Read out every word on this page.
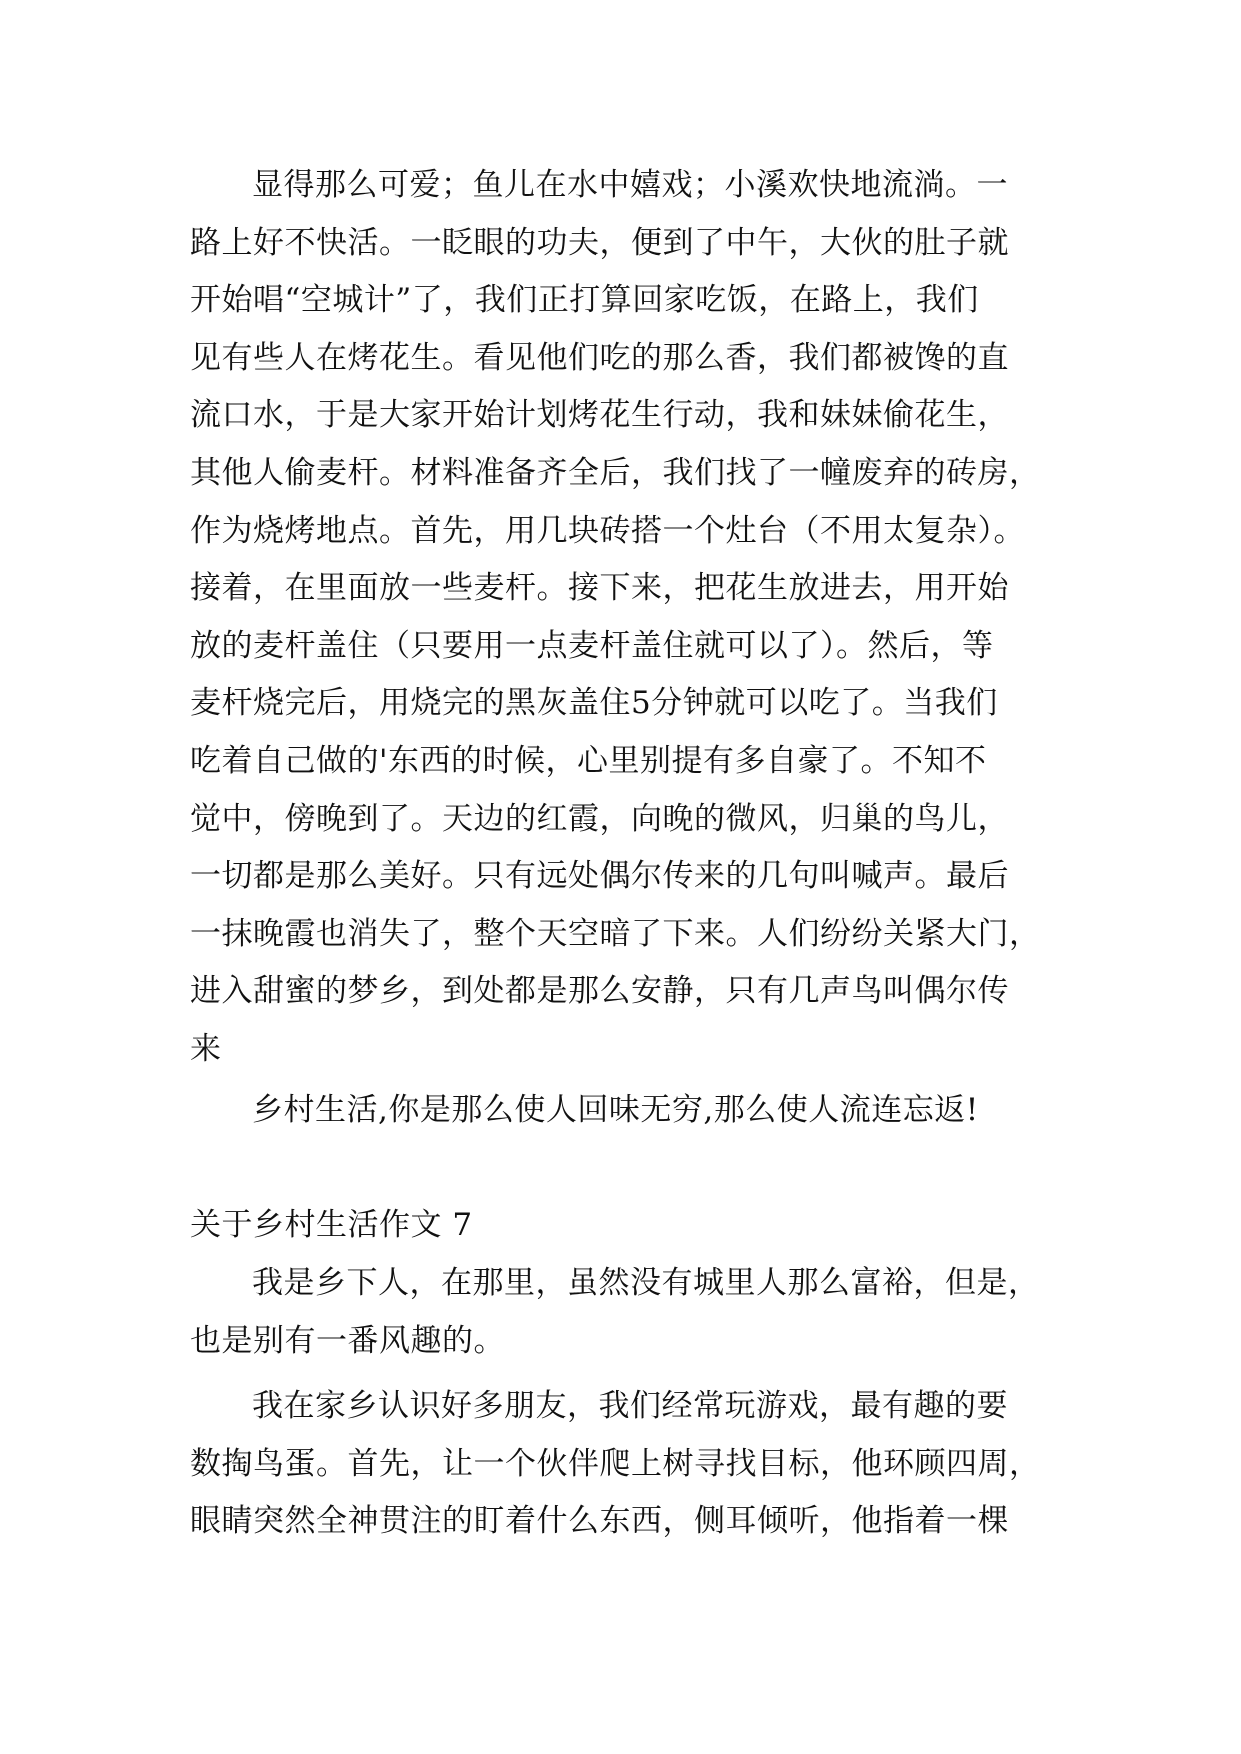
显得那么可爱；鱼儿在水中嬉戏；小溪欢快地流淌。一
路上好不快活。一眨眼的功夫，便到了中午，大伙的肚子就
开始唱“空城计”了，我们正打算回家吃饭，在路上，我们
见有些人在烤花生。看见他们吃的那么香，我们都被馋的直
流口水，于是大家开始计划烤花生行动，我和妹妹偷花生，
其他人偷麦杆。材料准备齐全后，我们找了一幢废弃的砖房，
作为烧烤地点。首先，用几块砖搭一个灶台（不用太复杂）。
接着，在里面放一些麦杆。接下来，把花生放进去，用开始
放的麦杆盖住（只要用一点麦杆盖住就可以了）。然后，等
麦杆烧完后，用烧完的黑灰盖住5分钟就可以吃了。当我们
吃着自己做的'东西的时候，心里别提有多自豪了。不知不
觉中，傍晚到了。天边的红霞，向晚的微风，归巢的鸟儿，
一切都是那么美好。只有远处偶尔传来的几句叫喊声。最后
一抹晚霞也消失了，整个天空暗了下来。人们纷纷关紧大门，
进入甜蜜的梦乡，到处都是那么安静，只有几声鸟叫偶尔传
来
乡村生活,你是那么使人回味无穷,那么使人流连忘返!
关于乡村生活作文 7
我是乡下人，在那里，虽然没有城里人那么富裕，但是，
也是别有一番风趣的。
我在家乡认识好多朋友，我们经常玩游戏，最有趣的要
数掏鸟蛋。首先，让一个伙伴爬上树寻找目标，他环顾四周，
眼睛突然全神贯注的盯着什么东西，侧耳倾听，他指着一棵
